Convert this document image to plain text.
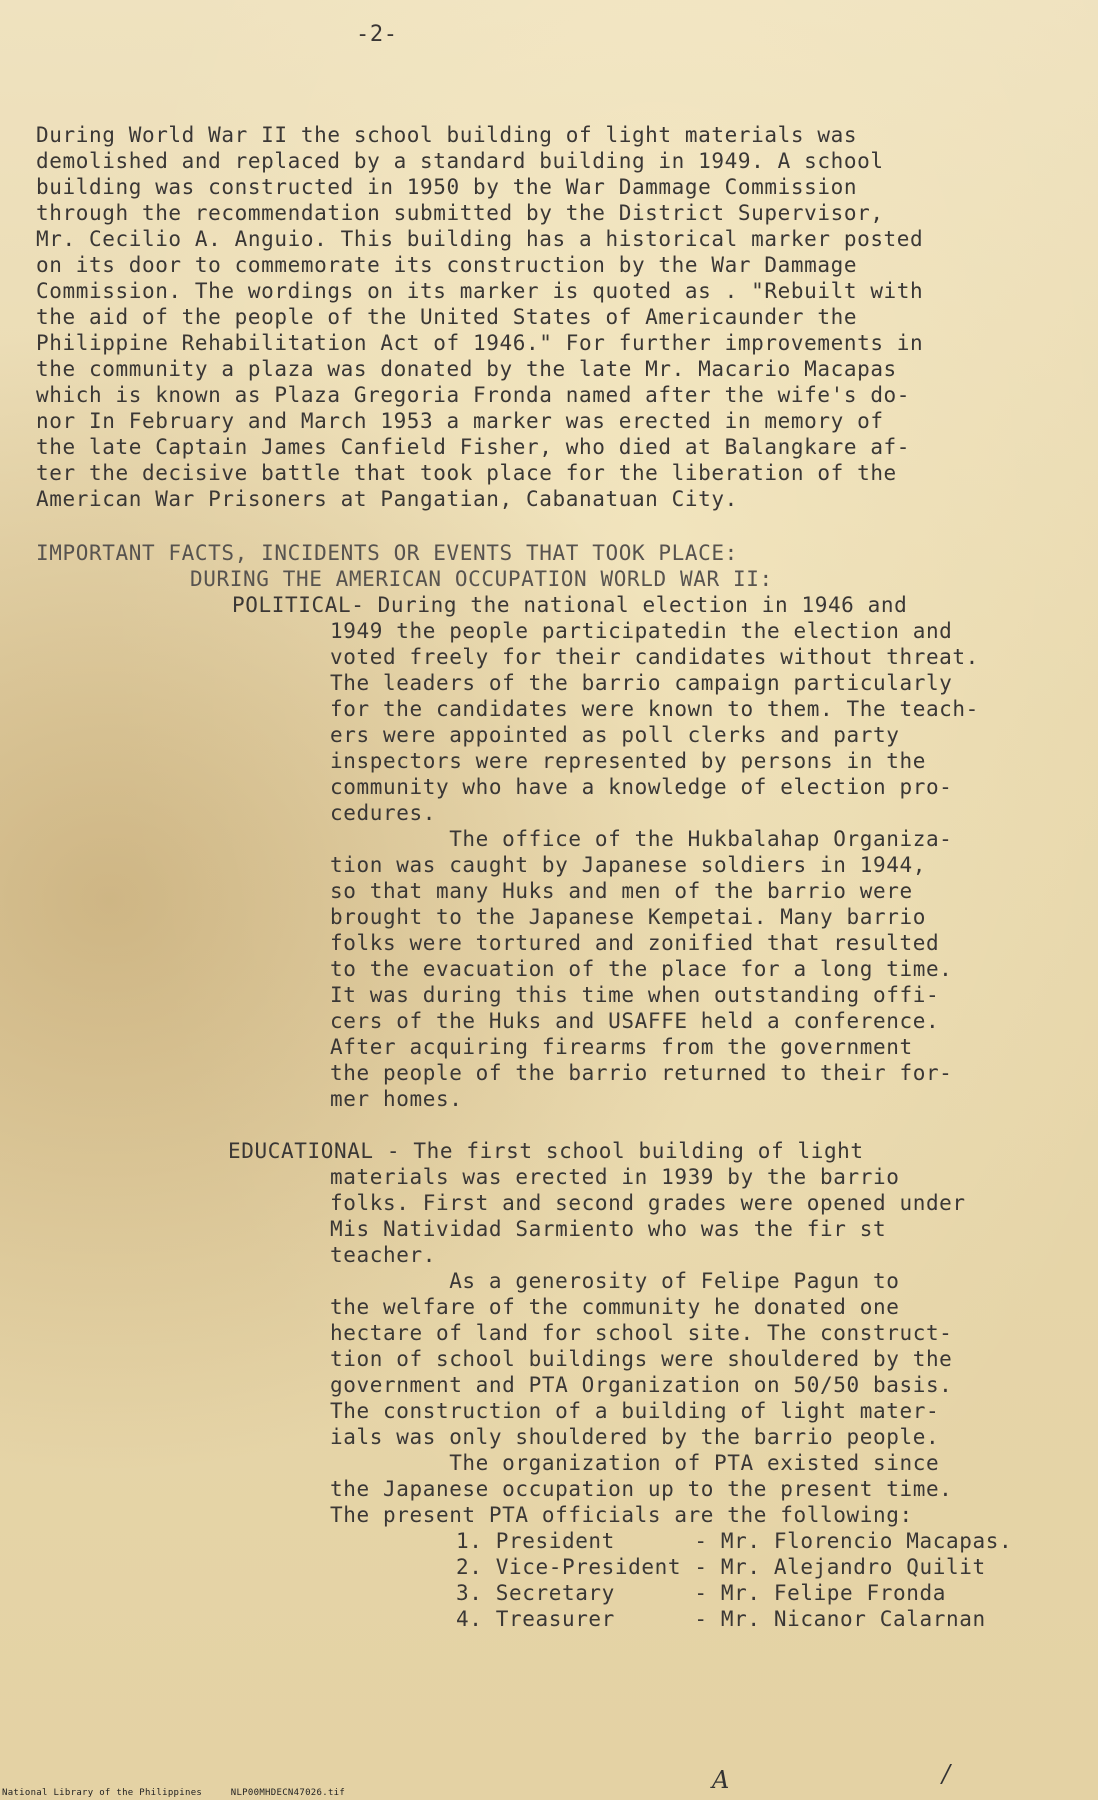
-2-
During World War II the school building of light materials was
demolished and replaced by a standard building in 1949. A school
building was constructed in 1950 by the War Dammage Commission
through the recommendation submitted by the District Supervisor,
Mr. Cecilio A. Anguio. This building has a historical marker posted
on its door to commemorate its construction by the War Dammage
Commission. The wordings on its marker is quoted as . "Rebuilt with
the aid of the people of the United States of Americaunder the
Philippine Rehabilitation Act of 1946." For further improvements in
the community a plaza was donated by the late Mr. Macario Macapas
which is known as Plaza Gregoria Fronda named after the wife's do-
nor In February and March 1953 a marker was erected in memory of
the late Captain James Canfield Fisher, who died at Balangkare af-
ter the decisive battle that took place for the liberation of the
American War Prisoners at Pangatian, Cabanatuan City.
IMPORTANT FACTS, INCIDENTS OR EVENTS THAT TOOK PLACE:
DURING THE AMERICAN OCCUPATION WORLD WAR II:
POLITICAL- During the national election in 1946 and
1949 the people participatedin the election and
voted freely for their candidates without threat.
The leaders of the barrio campaign particularly
for the candidates were known to them. The teach-
ers were appointed as poll clerks and party
inspectors were represented by persons in the
community who have a knowledge of election pro-
cedures.
The office of the Hukbalahap Organiza-
tion was caught by Japanese soldiers in 1944,
so that many Huks and men of the barrio were
brought to the Japanese Kempetai. Many barrio
folks were tortured and zonified that resulted
to the evacuation of the place for a long time.
It was during this time when outstanding offi-
cers of the Huks and USAFFE held a conference.
After acquiring firearms from the government
the people of the barrio returned to their for-
mer homes.
EDUCATIONAL - The first school building of light
materials was erected in 1939 by the barrio
folks. First and second grades were opened under
Mis Natividad Sarmiento who was the fir st
teacher.
As a generosity of Felipe Pagun to
the welfare of the community he donated one
hectare of land for school site. The construct-
tion of school buildings were shouldered by the
government and PTA Organization on 50/50 basis.
The construction of a building of light mater-
ials was only shouldered by the barrio people.
The organization of PTA existed since
the Japanese occupation up to the present time.
The present PTA officials are the following:
1. President      - Mr. Florencio Macapas.
2. Vice-President - Mr. Alejandro Quilit
3. Secretary      - Mr. Felipe Fronda
4. Treasurer      - Mr. Nicanor Calarnan
A	/
National Library of the Philippines     NLP00MHDECN47026.tif
